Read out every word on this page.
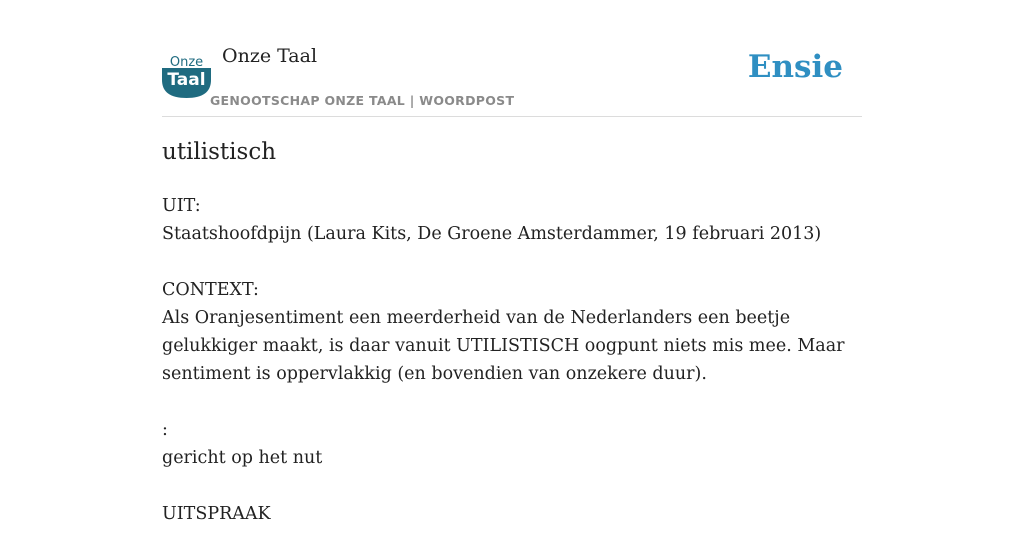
Onze
Taal
Onze Taal
GENOOTSCHAP ONZE TAAL | WOORDPOST
Ensie
utilistisch

UIT:
Staatshoofdpijn (Laura Kits, De Groene Amsterdammer, 19 februari 2013)

CONTEXT:
Als Oranjesentiment een meerderheid van de Nederlanders een beetje gelukkiger maakt, is daar vanuit UTILISTISCH oogpunt niets mis mee. Maar sentiment is oppervlakkig (en bovendien van onzekere duur).

:
gericht op het nut

UITSPRAAK
